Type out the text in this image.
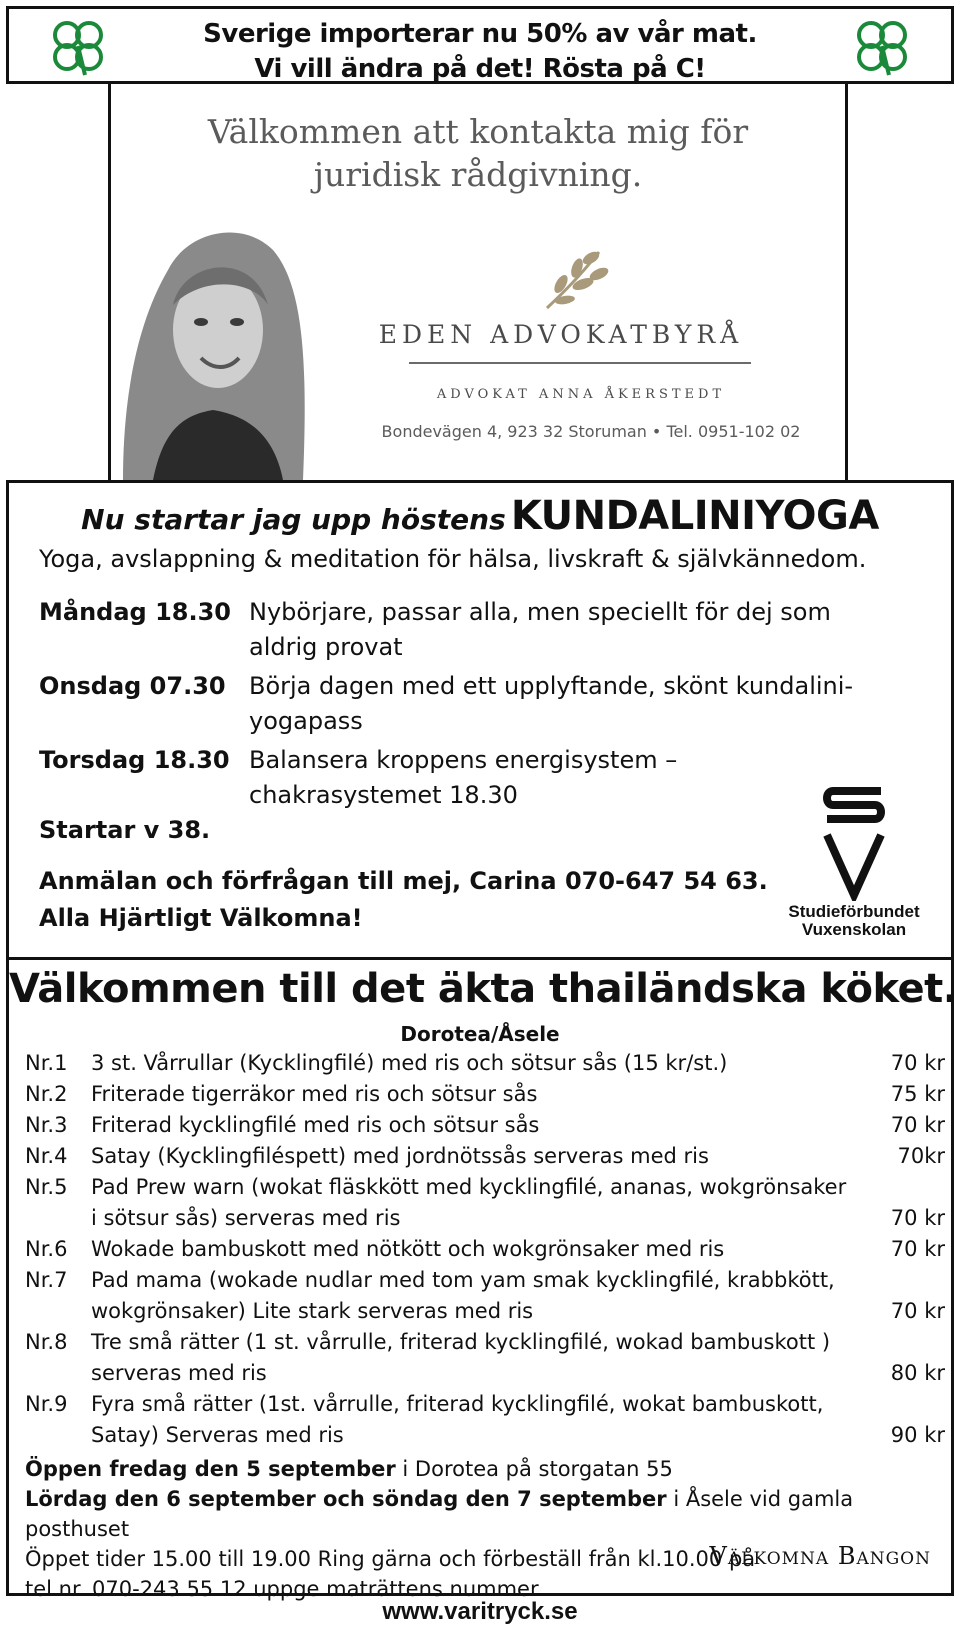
Sverige importerar nu 50% av vår mat.
Vi vill ändra på det! Rösta på C!
Välkommen att kontakta mig för
juridisk rådgivning.
EDEN ADVOKATBYRÅ
ADVOKAT ANNA ÅKERSTEDT
Bondevägen 4, 923 32 Storuman • Tel. 0951-102 02
Nu startar jag upp höstens KUNDALINIYOGA
Yoga, avslappning & meditation för hälsa, livskraft & självkännedom.
Måndag 18.30 Nybörjare, passar alla, men speciellt för dej som aldrig provat
Onsdag 07.30 Börja dagen med ett upplyftande, skönt kundalini-yogapass
Torsdag 18.30 Balansera kroppens energisystem – chakrasystemet 18.30
Startar v 38.
Anmälan och förfrågan till mej, Carina 070-647 54 63.
Alla Hjärtligt Välkomna!	Studieförbundet
Vuxenskolan
Välkommen till det äkta thailändska köket.
Dorotea/Åsele
Nr.1	3 st. Vårrullar (Kycklingfilé) med ris och sötsur sås (15 kr/st.)	70 kr
Nr.2	Friterade tigerräkor med ris och sötsur sås	75 kr
Nr.3	Friterad kycklingfilé med ris och sötsur sås	70 kr
Nr.4	Satay (Kycklingfiléspett) med jordnötssås serveras med ris	70kr
Nr.5	Pad Prew warn (wokat fläskkött med kycklingfilé, ananas, wokgrönsaker i sötsur sås) serveras med ris	70 kr
Nr.6	Wokade bambuskott med nötkött och wokgrönsaker med ris	70 kr
Nr.7	Pad mama (wokade nudlar med tom yam smak kycklingfilé, krabbkött, wokgrönsaker) Lite stark serveras med ris	70 kr
Nr.8	Tre små rätter (1 st. vårrulle, friterad kycklingfilé, wokad bambuskott ) serveras med ris	80 kr
Nr.9	Fyra små rätter (1st. vårrulle, friterad kycklingfilé, wokat bambuskott, Satay) Serveras med ris	90 kr
Öppen fredag den 5 september i Dorotea på storgatan 55
Lördag den 6 september och söndag den 7 september i Åsele vid gamla posthuset
Öppet tider 15.00 till 19.00 Ring gärna och förbeställ från kl.10.00 på
tel.nr. 070-243 55 12 uppge maträttens nummer.
Välkomna Bangon
www.varitryck.se
